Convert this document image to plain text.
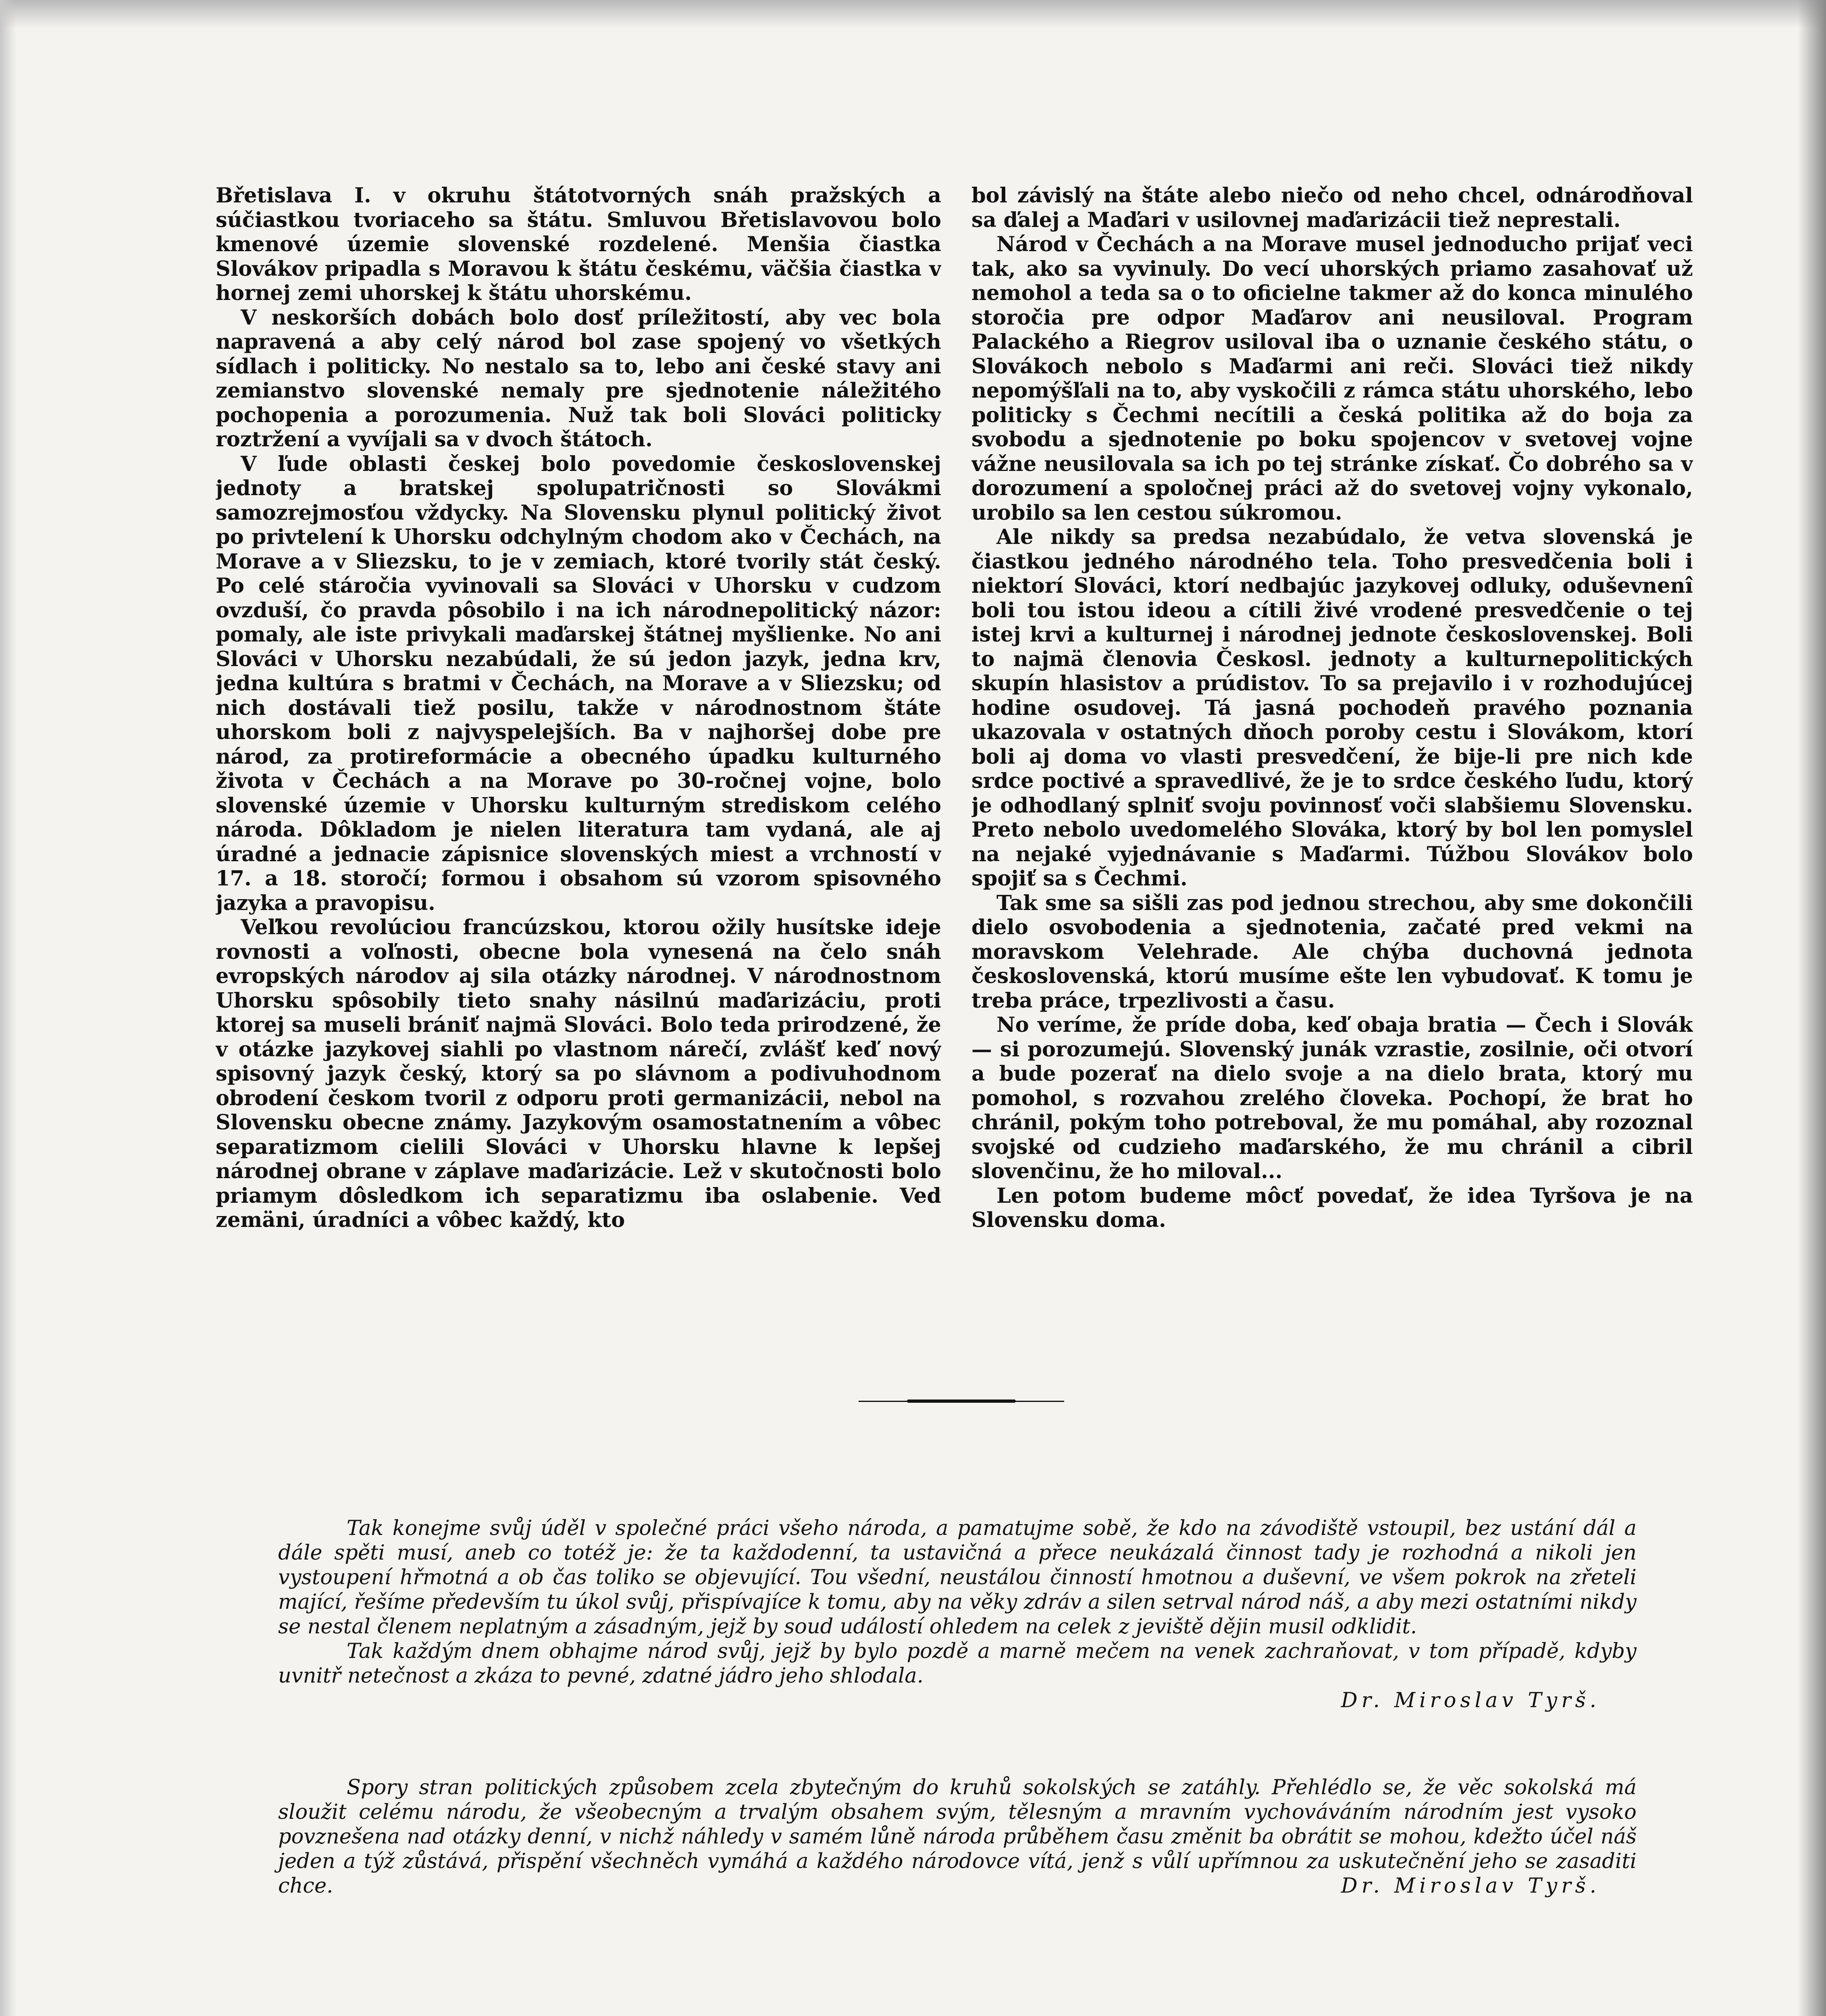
Břetislava I. v okruhu štátotvorných snáh pražských a súčiastkou tvoriaceho sa štátu. Smluvou Břetislavovou bolo kmenové územie slovenské rozdelené. Menšia čiastka Slovákov pripadla s Moravou k štátu českému, väčšia čiastka v hornej zemi uhorskej k štátu uhorskému.

V neskorších dobách bolo dosť príležitostí, aby vec bola napravená a aby celý národ bol zase spojený vo všetkých sídlach i politicky. No nestalo sa to, lebo ani české stavy ani zemianstvo slovenské nemaly pre sjednotenie náležitého pochopenia a porozumenia. Nuž tak boli Slováci politicky roztržení a vyvíjali sa v dvoch štátoch.

V ľude oblasti českej bolo povedomie československej jednoty a bratskej spolupatričnosti so Slovákmi samozrejmosťou vždycky. Na Slovensku plynul politický život po privtelení k Uhorsku odchylným chodom ako v Čechách, na Morave a v Sliezsku, to je v zemiach, ktoré tvorily stát český. Po celé stáročia vyvinovali sa Slováci v Uhorsku v cudzom ovzduší, čo pravda pôsobilo i na ich národnepolitický názor: pomaly, ale iste privykali maďarskej štátnej myšlienke. No ani Slováci v Uhorsku nezabúdali, že sú jedon jazyk, jedna krv, jedna kultúra s bratmi v Čechách, na Morave a v Sliezsku; od nich dostávali tiež posilu, takže v národnostnom štáte uhorskom boli z najvyspelejších. Ba v najhoršej dobe pre národ, za protireformácie a obecného úpadku kulturného života v Čechách a na Morave po 30-ročnej vojne, bolo slovenské územie v Uhorsku kulturným strediskom celého národa. Dôkladom je nielen literatura tam vydaná, ale aj úradné a jednacie zápisnice slovenských miest a vrchností v 17. a 18. storočí; formou i obsahom sú vzorom spisovného jazyka a pravopisu.

Veľkou revolúciou francúzskou, ktorou ožily husítske ideje rovnosti a voľnosti, obecne bola vynesená na čelo snáh evropských národov aj sila otázky národnej. V národnostnom Uhorsku spôsobily tieto snahy násilnú maďarizáciu, proti ktorej sa museli brániť najmä Slováci. Bolo teda prirodzené, že v otázke jazykovej siahli po vlastnom nárečí, zvlášť keď nový spisovný jazyk český, ktorý sa po slávnom a podivuhodnom obrodení českom tvoril z odporu proti germanizácii, nebol na Slovensku obecne známy. Jazykovým osamostatnením a vôbec separatizmom cielili Slováci v Uhorsku hlavne k lepšej národnej obrane v záplave maďarizácie. Lež v skutočnosti bolo priamym dôsledkom ich separatizmu iba oslabenie. Veď zemäni, úradníci a vôbec každý, kto

bol závislý na štáte alebo niečo od neho chcel, odnárodňoval sa ďalej a Maďari v usilovnej maďarizácii tiež neprestali.

Národ v Čechách a na Morave musel jednoducho prijať veci tak, ako sa vyvinuly. Do vecí uhorských priamo zasahovať už nemohol a teda sa o to oficielne takmer až do konca minulého storočia pre odpor Maďarov ani neusiloval. Program Palackého a Riegrov usiloval iba o uznanie českého státu, o Slovákoch nebolo s Maďarmi ani reči. Slováci tiež nikdy nepomýšľali na to, aby vyskočili z rámca státu uhorského, lebo politicky s Čechmi necítili a česká politika až do boja za svobodu a sjednotenie po boku spojencov v svetovej vojne vážne neusilovala sa ich po tej stránke získať. Čo dobrého sa v dorozumení a spoločnej práci až do svetovej vojny vykonalo, urobilo sa len cestou súkromou.

Ale nikdy sa predsa nezabúdalo, že vetva slovenská je čiastkou jedného národného tela. Toho presvedčenia boli i niektorí Slováci, ktorí nedbajúc jazykovej odluky, oduševnenî boli tou istou ideou a cítili živé vrodené presvedčenie o tej istej krvi a kulturnej i národnej jednote československej. Boli to najmä členovia Českosl. jednoty a kulturnepolitických skupín hlasistov a prúdistov. To sa prejavilo i v rozhodujúcej hodine osudovej. Tá jasná pochodeň pravého poznania ukazovala v ostatných dňoch poroby cestu i Slovákom, ktorí boli aj doma vo vlasti presvedčení, že bije-li pre nich kde srdce poctivé a spravedlivé, že je to srdce českého ľudu, ktorý je odhodlaný splniť svoju povinnosť voči slabšiemu Slovensku. Preto nebolo uvedomelého Slováka, ktorý by bol len pomyslel na nejaké vyjednávanie s Maďarmi. Túžbou Slovákov bolo spojiť sa s Čechmi.

Tak sme sa sišli zas pod jednou strechou, aby sme dokončili dielo osvobodenia a sjednotenia, začaté pred vekmi na moravskom Velehrade. Ale chýba duchovná jednota československá, ktorú musíme ešte len vybudovať. K tomu je treba práce, trpezlivosti a času.

No veríme, že príde doba, keď obaja bratia — Čech i Slovák — si porozumejú. Slovenský junák vzrastie, zosilnie, oči otvorí a bude pozerať na dielo svoje a na dielo brata, ktorý mu pomohol, s rozvahou zrelého človeka. Pochopí, že brat ho chránil, pokým toho potreboval, že mu pomáhal, aby rozoznal svojské od cudzieho maďarského, že mu chránil a cibril slovenčinu, že ho miloval...

Len potom budeme môcť povedať, že idea Tyršova je na Slovensku doma.

Tak konejme svůj úděl v společné práci všeho národa, a pamatujme sobě, že kdo na závodiště vstoupil, bez ustání dál a dále spěti musí, aneb co totéž je: že ta každodenní, ta ustavičná a přece neukázalá činnost tady je rozhodná a nikoli jen vystoupení hřmotná a ob čas toliko se objevující. Tou všední, neustálou činností hmotnou a duševní, ve všem pokrok na zřeteli mající, řešíme především tu úkol svůj, přispívajíce k tomu, aby na věky zdráv a silen setrval národ náš, a aby mezi ostatními nikdy se nestal členem neplatným a zásadným, jejž by soud událostí ohledem na celek z jeviště dějin musil odklidit.

Tak každým dnem obhajme národ svůj, jejž by bylo pozdě a marně mečem na venek zachraňovat, v tom případě, kdyby uvnitř netečnost a zkáza to pevné, zdatné jádro jeho shlodala.

Dr. Miroslav Tyrš.

Spory stran politických způsobem zcela zbytečným do kruhů sokolských se zatáhly. Přehlédlo se, že věc sokolská má sloužit celému národu, že všeobecným a trvalým obsahem svým, tělesným a mravním vychováváním národním jest vysoko povznešena nad otázky denní, v nichž náhledy v samém lůně národa průběhem času změnit ba obrátit se mohou, kdežto účel náš jeden a týž zůstává, přispění všechněch vymáhá a každého národovce vítá, jenž s vůlí upřímnou za uskutečnění jeho se zasaditi chce.	Dr. Miroslav Tyrš.
